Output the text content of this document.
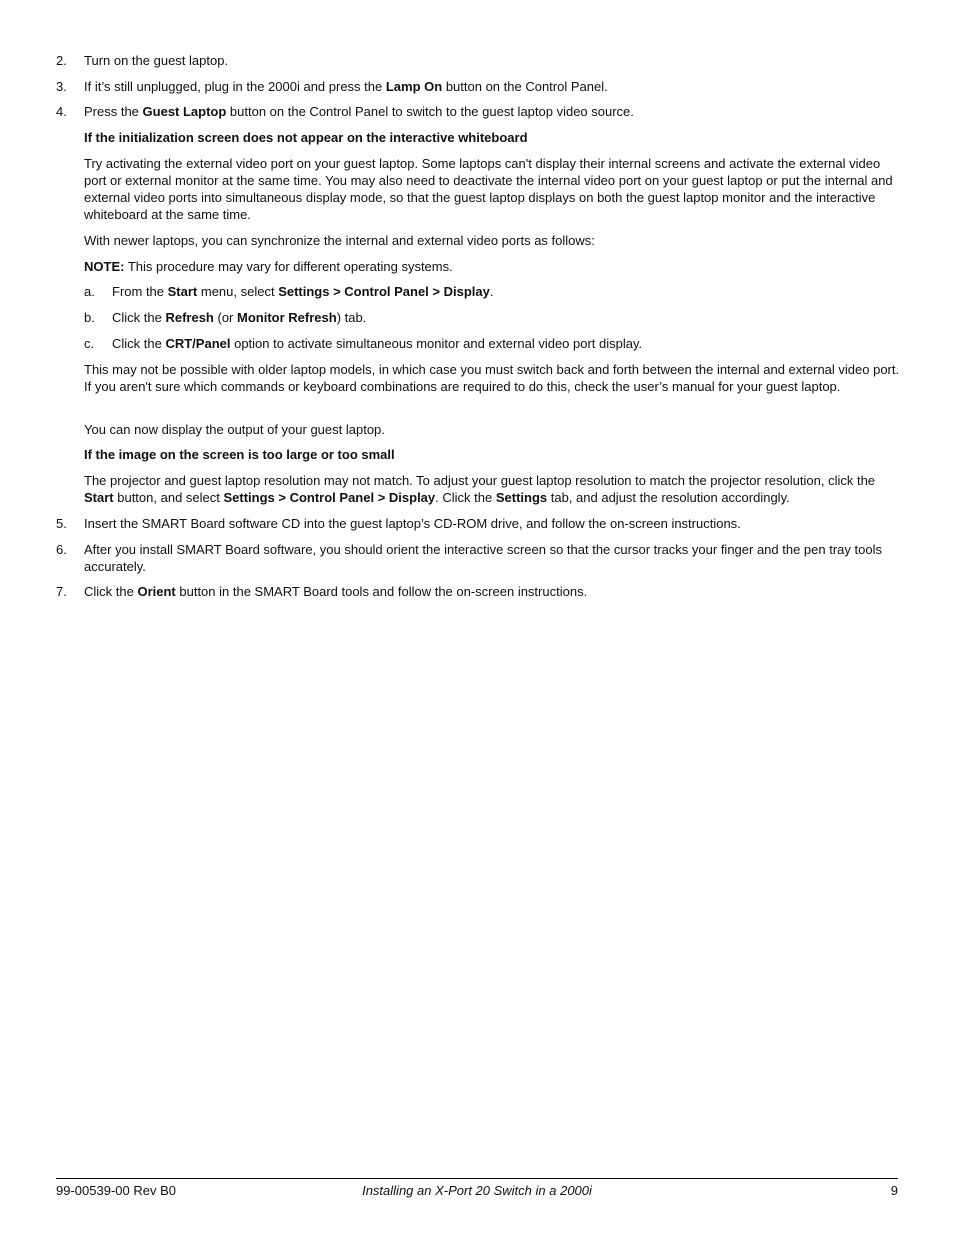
2. Turn on the guest laptop.
3. If it’s still unplugged, plug in the 2000i and press the Lamp On button on the Control Panel.
4. Press the Guest Laptop button on the Control Panel to switch to the guest laptop video source.
If the initialization screen does not appear on the interactive whiteboard
Try activating the external video port on your guest laptop. Some laptops can't display their internal screens and activate the external video port or external monitor at the same time. You may also need to deactivate the internal video port on your guest laptop or put the internal and external video ports into simultaneous display mode, so that the guest laptop displays on both the guest laptop monitor and the interactive whiteboard at the same time.
With newer laptops, you can synchronize the internal and external video ports as follows:
NOTE: This procedure may vary for different operating systems.
a. From the Start menu, select Settings > Control Panel > Display.
b. Click the Refresh (or Monitor Refresh) tab.
c. Click the CRT/Panel option to activate simultaneous monitor and external video port display.
This may not be possible with older laptop models, in which case you must switch back and forth between the internal and external video port. If you aren't sure which commands or keyboard combinations are required to do this, check the user’s manual for your guest laptop.
You can now display the output of your guest laptop.
If the image on the screen is too large or too small
The projector and guest laptop resolution may not match. To adjust your guest laptop resolution to match the projector resolution, click the Start button, and select Settings > Control Panel > Display. Click the Settings tab, and adjust the resolution accordingly.
5. Insert the SMART Board software CD into the guest laptop’s CD-ROM drive, and follow the on-screen instructions.
6. After you install SMART Board software, you should orient the interactive screen so that the cursor tracks your finger and the pen tray tools accurately.
7. Click the Orient button in the SMART Board tools and follow the on-screen instructions.
99-00539-00 Rev B0	Installing an X-Port 20 Switch in a 2000i	9
